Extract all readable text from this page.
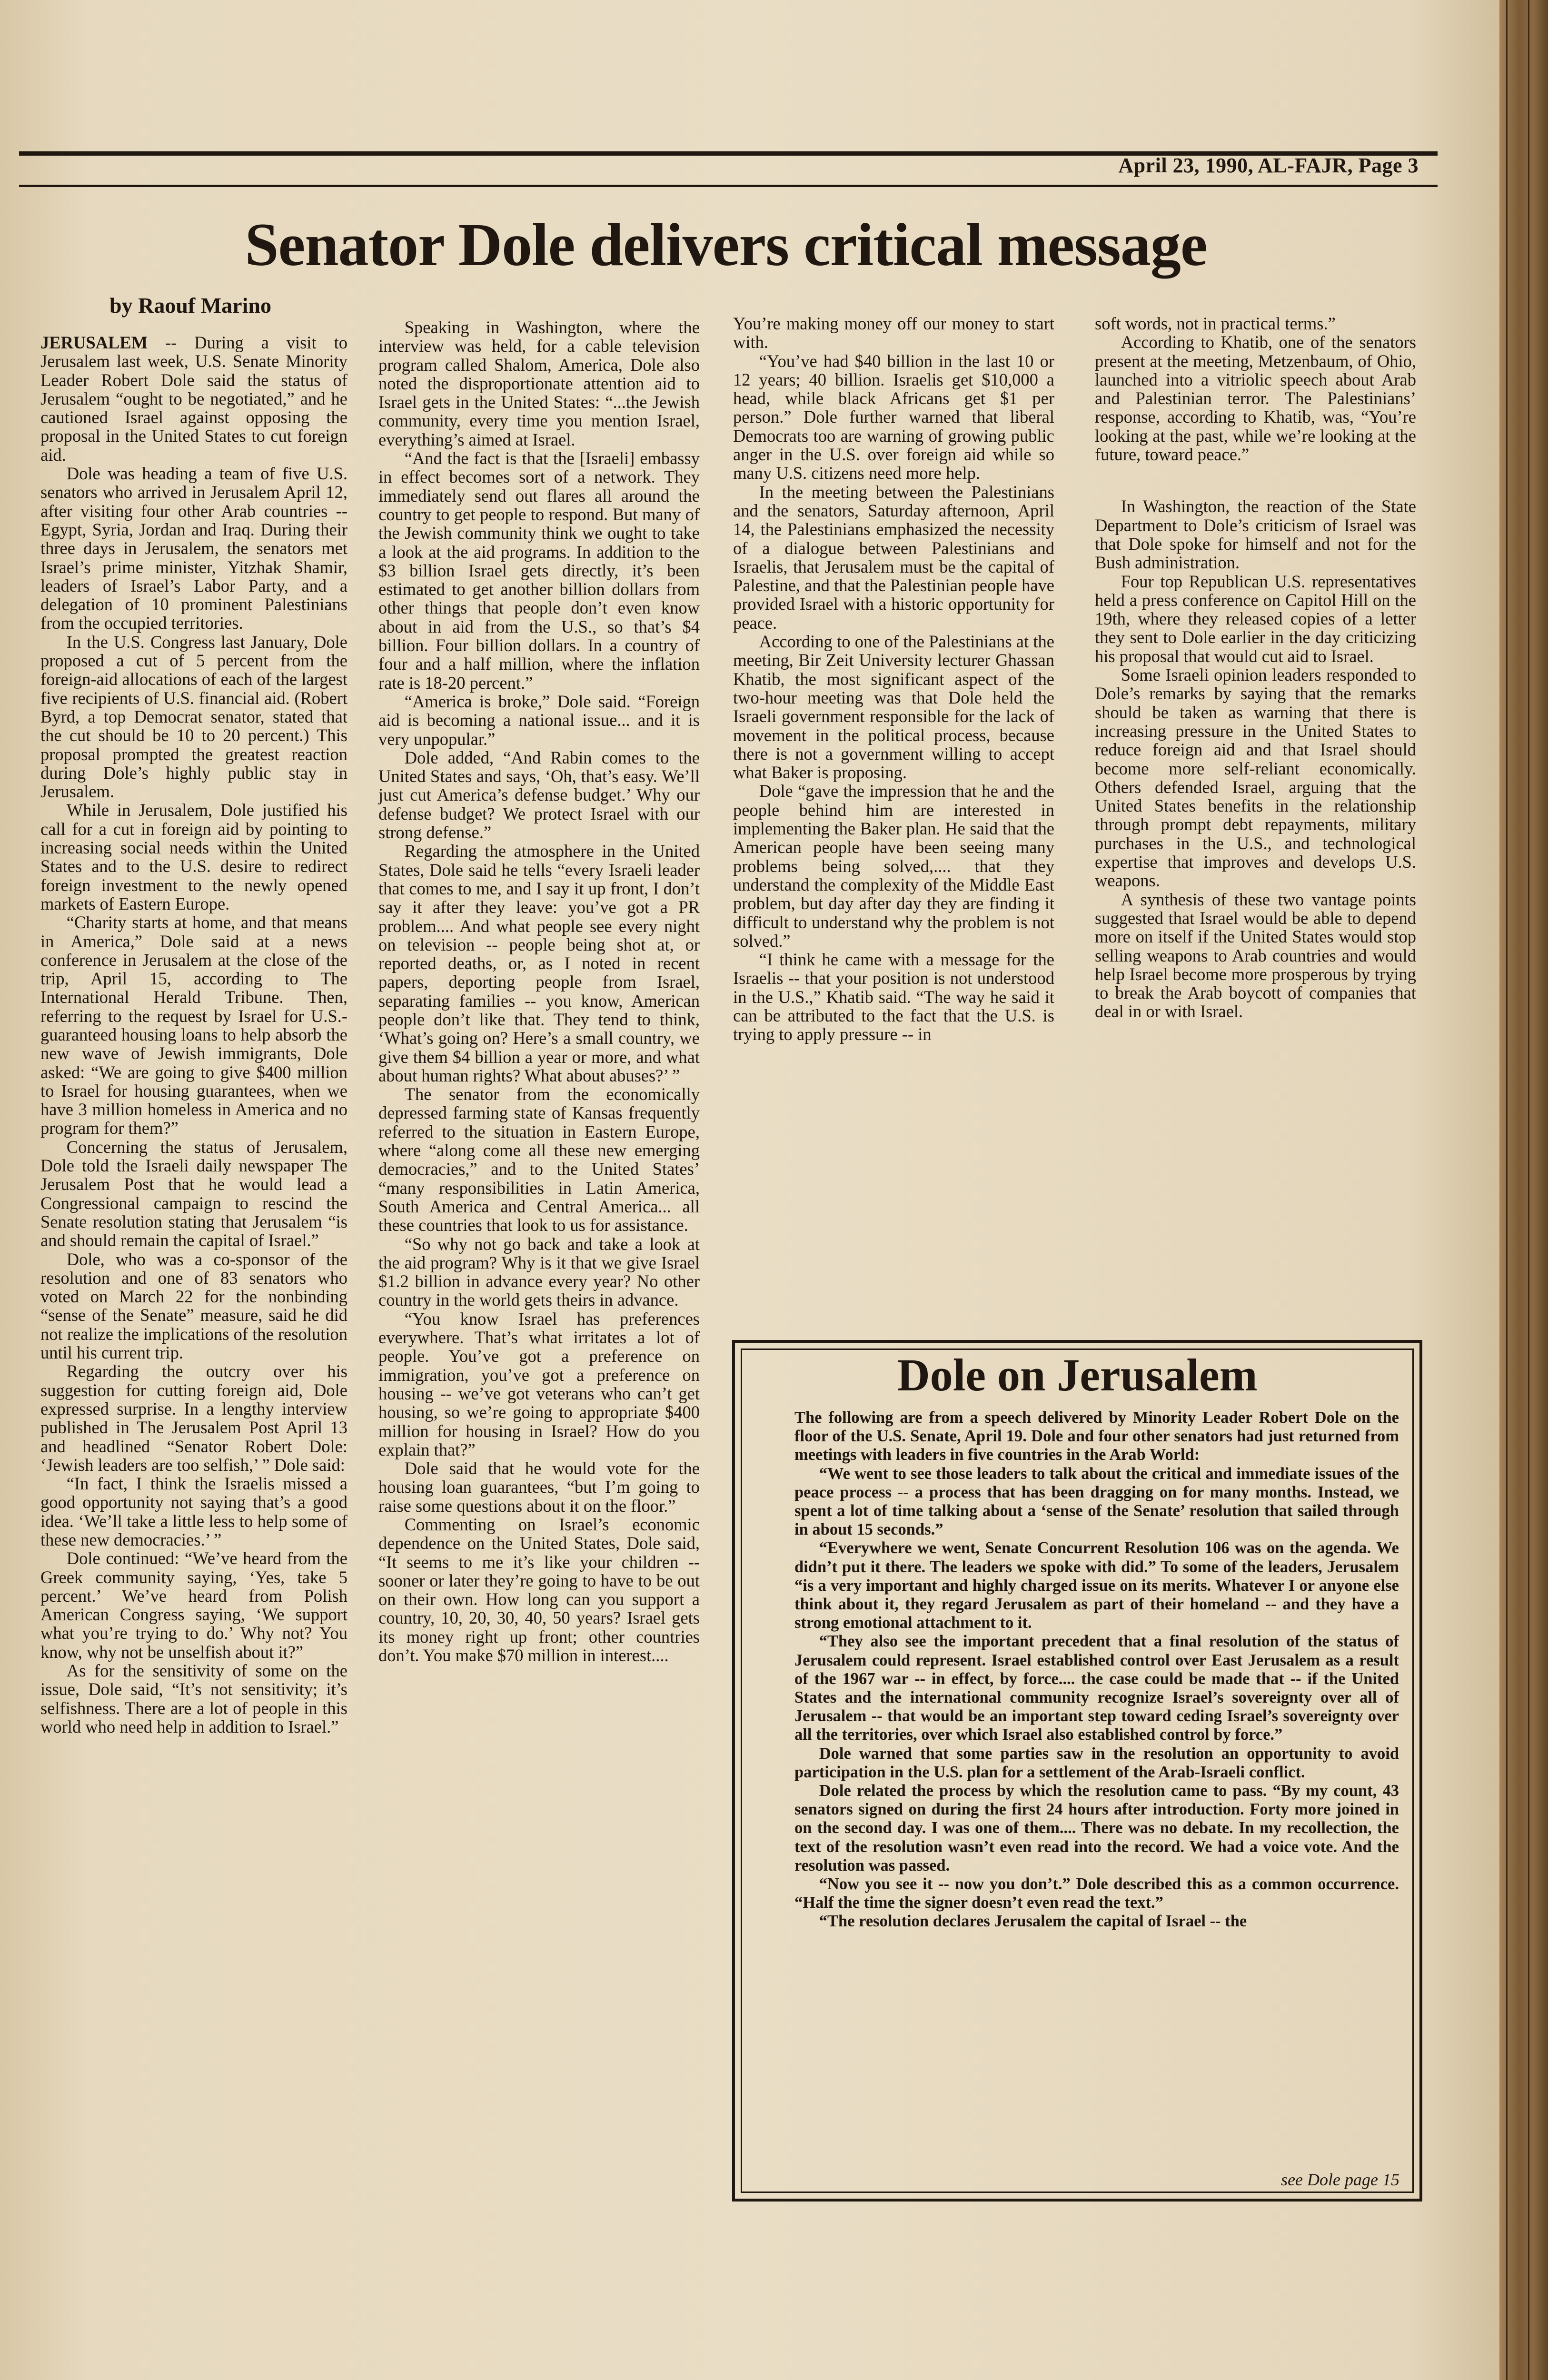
April 23, 1990, AL-FAJR, Page 3
Senator Dole delivers critical message
by Raouf Marino

JERUSALEM -- During a visit to Jerusalem last week, U.S. Senate Minority Leader Robert Dole said the status of Jerusalem “ought to be negotiated,” and he cautioned Israel against opposing the proposal in the United States to cut foreign aid.

Dole was heading a team of five U.S. senators who arrived in Jerusalem April 12, after visiting four other Arab countries -- Egypt, Syria, Jordan and Iraq. During their three days in Jerusalem, the senators met Israel’s prime minister, Yitzhak Shamir, leaders of Israel’s Labor Party, and a delegation of 10 prominent Palestinians from the occupied territories.

In the U.S. Congress last January, Dole proposed a cut of 5 percent from the foreign-aid allocations of each of the largest five recipients of U.S. financial aid. (Robert Byrd, a top Democrat senator, stated that the cut should be 10 to 20 percent.) This proposal prompted the greatest reaction during Dole’s highly public stay in Jerusalem.

While in Jerusalem, Dole justified his call for a cut in foreign aid by pointing to increasing social needs within the United States and to the U.S. desire to redirect foreign investment to the newly opened markets of Eastern Europe.

“Charity starts at home, and that means in America,” Dole said at a news conference in Jerusalem at the close of the trip, April 15, according to The International Herald Tribune. Then, referring to the request by Israel for U.S.-guaranteed housing loans to help absorb the new wave of Jewish immigrants, Dole asked: “We are going to give $400 million to Israel for housing guarantees, when we have 3 million homeless in America and no program for them?”

Concerning the status of Jerusalem, Dole told the Israeli daily newspaper The Jerusalem Post that he would lead a Congressional campaign to rescind the Senate resolution stating that Jerusalem “is and should remain the capital of Israel.”

Dole, who was a co-sponsor of the resolution and one of 83 senators who voted on March 22 for the nonbinding “sense of the Senate” measure, said he did not realize the implications of the resolution until his current trip.

Regarding the outcry over his suggestion for cutting foreign aid, Dole expressed surprise. In a lengthy interview published in The Jerusalem Post April 13 and headlined “Senator Robert Dole: ‘Jewish leaders are too selfish,’ ” Dole said:

“In fact, I think the Israelis missed a good opportunity not saying that’s a good idea. ‘We’ll take a little less to help some of these new democracies.’ ”

Dole continued: “We’ve heard from the Greek community saying, ‘Yes, take 5 percent.’ We’ve heard from Polish American Congress saying, ‘We support what you’re trying to do.’ Why not? You know, why not be unselfish about it?”

As for the sensitivity of some on the issue, Dole said, “It’s not sensitivity; it’s selfishness. There are a lot of people in this world who need help in addition to Israel.”

Speaking in Washington, where the interview was held, for a cable television program called Shalom, America, Dole also noted the disproportionate attention aid to Israel gets in the United States: “...the Jewish community, every time you mention Israel, everything’s aimed at Israel.

“And the fact is that the [Israeli] embassy in effect becomes sort of a network. They immediately send out flares all around the country to get people to respond. But many of the Jewish community think we ought to take a look at the aid programs. In addition to the $3 billion Israel gets directly, it’s been estimated to get another billion dollars from other things that people don’t even know about in aid from the U.S., so that’s $4 billion. Four billion dollars. In a country of four and a half million, where the inflation rate is 18-20 percent.”

“America is broke,” Dole said. “Foreign aid is becoming a national issue... and it is very unpopular.”

Dole added, “And Rabin comes to the United States and says, ‘Oh, that’s easy. We’ll just cut America’s defense budget.’ Why our defense budget? We protect Israel with our strong defense.”

Regarding the atmosphere in the United States, Dole said he tells “every Israeli leader that comes to me, and I say it up front, I don’t say it after they leave: you’ve got a PR problem.... And what people see every night on television -- people being shot at, or reported deaths, or, as I noted in recent papers, deporting people from Israel, separating families -- you know, American people don’t like that. They tend to think, ‘What’s going on? Here’s a small country, we give them $4 billion a year or more, and what about human rights? What about abuses?’ ”

The senator from the economically depressed farming state of Kansas frequently referred to the situation in Eastern Europe, where “along come all these new emerging democracies,” and to the United States’ “many responsibilities in Latin America, South America and Central America... all these countries that look to us for assistance.

“So why not go back and take a look at the aid program? Why is it that we give Israel $1.2 billion in advance every year? No other country in the world gets theirs in advance.

“You know Israel has preferences everywhere. That’s what irritates a lot of people. You’ve got a preference on immigration, you’ve got a preference on housing -- we’ve got veterans who can’t get housing, so we’re going to appropriate $400 million for housing in Israel? How do you explain that?”

Dole said that he would vote for the housing loan guarantees, “but I’m going to raise some questions about it on the floor.”

Commenting on Israel’s economic dependence on the United States, Dole said, “It seems to me it’s like your children -- sooner or later they’re going to have to be out on their own. How long can you support a country, 10, 20, 30, 40, 50 years? Israel gets its money right up front; other countries don’t. You make $70 million in interest....

You’re making money off our money to start with.

“You’ve had $40 billion in the last 10 or 12 years; 40 billion. Israelis get $10,000 a head, while black Africans get $1 per person.” Dole further warned that liberal Democrats too are warning of growing public anger in the U.S. over foreign aid while so many U.S. citizens need more help.

In the meeting between the Palestinians and the senators, Saturday afternoon, April 14, the Palestinians emphasized the necessity of a dialogue between Palestinians and Israelis, that Jerusalem must be the capital of Palestine, and that the Palestinian people have provided Israel with a historic opportunity for peace.

According to one of the Palestinians at the meeting, Bir Zeit University lecturer Ghassan Khatib, the most significant aspect of the two-hour meeting was that Dole held the Israeli government responsible for the lack of movement in the political process, because there is not a government willing to accept what Baker is proposing.

Dole “gave the impression that he and the people behind him are interested in implementing the Baker plan. He said that the American people have been seeing many problems being solved,.... that they understand the complexity of the Middle East problem, but day after day they are finding it difficult to understand why the problem is not solved.”

“I think he came with a message for the Israelis -- that your position is not understood in the U.S.,” Khatib said. “The way he said it can be attributed to the fact that the U.S. is trying to apply pressure -- in

soft words, not in practical terms.”

According to Khatib, one of the senators present at the meeting, Metzenbaum, of Ohio, launched into a vitriolic speech about Arab and Palestinian terror. The Palestinians’ response, according to Khatib, was, “You’re looking at the past, while we’re looking at the future, toward peace.”

In Washington, the reaction of the State Department to Dole’s criticism of Israel was that Dole spoke for himself and not for the Bush administration.

Four top Republican U.S. representatives held a press conference on Capitol Hill on the 19th, where they released copies of a letter they sent to Dole earlier in the day criticizing his proposal that would cut aid to Israel.

Some Israeli opinion leaders responded to Dole’s remarks by saying that the remarks should be taken as warning that there is increasing pressure in the United States to reduce foreign aid and that Israel should become more self-reliant economically. Others defended Israel, arguing that the United States benefits in the relationship through prompt debt repayments, military purchases in the U.S., and technological expertise that improves and develops U.S. weapons.

A synthesis of these two vantage points suggested that Israel would be able to depend more on itself if the United States would stop selling weapons to Arab countries and would help Israel become more prosperous by trying to break the Arab boycott of companies that deal in or with Israel.

Dole on Jerusalem

The following are from a speech delivered by Minority Leader Robert Dole on the floor of the U.S. Senate, April 19. Dole and four other senators had just returned from meetings with leaders in five countries in the Arab World:

“We went to see those leaders to talk about the critical and immediate issues of the peace process -- a process that has been dragging on for many months. Instead, we spent a lot of time talking about a ‘sense of the Senate’ resolution that sailed through in about 15 seconds.”

“Everywhere we went, Senate Concurrent Resolution 106 was on the agenda. We didn’t put it there. The leaders we spoke with did.” To some of the leaders, Jerusalem “is a very important and highly charged issue on its merits. Whatever I or anyone else think about it, they regard Jerusalem as part of their homeland -- and they have a strong emotional attachment to it.

“They also see the important precedent that a final resolution of the status of Jerusalem could represent. Israel established control over East Jerusalem as a result of the 1967 war -- in effect, by force.... the case could be made that -- if the United States and the international community recognize Israel’s sovereignty over all of Jerusalem -- that would be an important step toward ceding Israel’s sovereignty over all the territories, over which Israel also established control by force.”

Dole warned that some parties saw in the resolution an opportunity to avoid participation in the U.S. plan for a settlement of the Arab-Israeli conflict.

Dole related the process by which the resolution came to pass. “By my count, 43 senators signed on during the first 24 hours after introduction. Forty more joined in on the second day. I was one of them.... There was no debate. In my recollection, the text of the resolution wasn’t even read into the record. We had a voice vote. And the resolution was passed.

“Now you see it -- now you don’t.” Dole described this as a common occurrence. “Half the time the signer doesn’t even read the text.”

“The resolution declares Jerusalem the capital of Israel -- the

see Dole page 15
